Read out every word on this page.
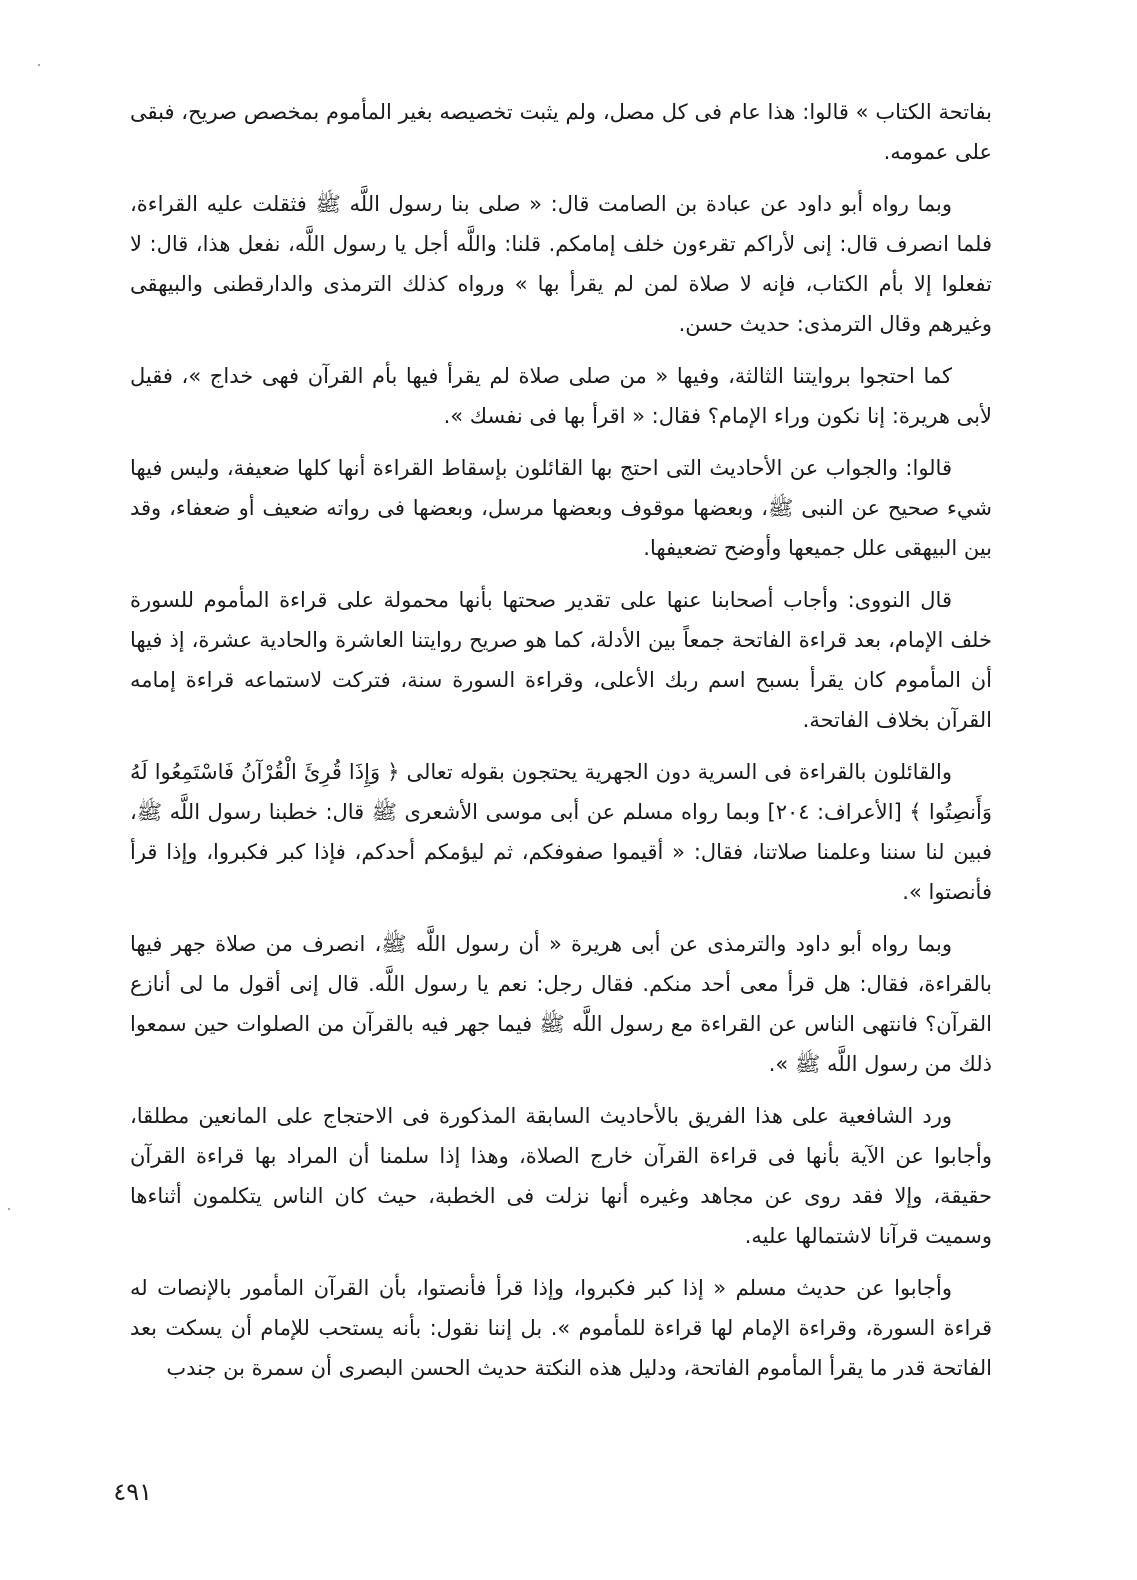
بفاتحة الكتاب » قالوا: هذا عام فى كل مصل، ولم يثبت تخصيصه بغير المأموم بمخصص صريح، فبقى على عمومه.

وبما رواه أبو داود عن عبادة بن الصامت قال: « صلى بنا رسول اللَّه ﷺ فثقلت عليه القراءة، فلما انصرف قال: إنى لأراكم تقرءون خلف إمامكم. قلنا: واللَّه أجل يا رسول اللَّه، نفعل هذا، قال: لا تفعلوا إلا بأم الكتاب، فإنه لا صلاة لمن لم يقرأ بها » ورواه كذلك الترمذى والدارقطنى والبيهقى وغيرهم وقال الترمذى: حديث حسن.

كما احتجوا بروايتنا الثالثة، وفيها « من صلى صلاة لم يقرأ فيها بأم القرآن فهى خداج »، فقيل لأبى هريرة: إنا نكون وراء الإمام؟ فقال: « اقرأ بها فى نفسك ».

قالوا: والجواب عن الأحاديث التى احتج بها القائلون بإسقاط القراءة أنها كلها ضعيفة، وليس فيها شيء صحيح عن النبى ﷺ، وبعضها موقوف وبعضها مرسل، وبعضها فى رواته ضعيف أو ضعفاء، وقد بين البيهقى علل جميعها وأوضح تضعيفها.

قال النووى: وأجاب أصحابنا عنها على تقدير صحتها بأنها محمولة على قراءة المأموم للسورة خلف الإمام، بعد قراءة الفاتحة جمعاً بين الأدلة، كما هو صريح روايتنا العاشرة والحادية عشرة، إذ فيها أن المأموم كان يقرأ بسبح اسم ربك الأعلى، وقراءة السورة سنة، فتركت لاستماعه قراءة إمامه القرآن بخلاف الفاتحة.

والقائلون بالقراءة فى السرية دون الجهرية يحتجون بقوله تعالى ﴿ وَإِذَا قُرِئَ الْقُرْآنُ فَاسْتَمِعُوا لَهُ وَأَنصِتُوا ﴾ [الأعراف: ٢٠٤] وبما رواه مسلم عن أبى موسى الأشعرى ﷺ قال: خطبنا رسول اللَّه ﷺ، فبين لنا سننا وعلمنا صلاتنا، فقال: « أقيموا صفوفكم، ثم ليؤمكم أحدكم، فإذا كبر فكبروا، وإذا قرأ فأنصتوا ».

وبما رواه أبو داود والترمذى عن أبى هريرة « أن رسول اللَّه ﷺ، انصرف من صلاة جهر فيها بالقراءة، فقال: هل قرأ معى أحد منكم. فقال رجل: نعم يا رسول اللَّه. قال إنى أقول ما لى أنازع القرآن؟ فانتهى الناس عن القراءة مع رسول اللَّه ﷺ فيما جهر فيه بالقرآن من الصلوات حين سمعوا ذلك من رسول اللَّه ﷺ ».

ورد الشافعية على هذا الفريق بالأحاديث السابقة المذكورة فى الاحتجاج على المانعين مطلقا، وأجابوا عن الآية بأنها فى قراءة القرآن خارج الصلاة، وهذا إذا سلمنا أن المراد بها قراءة القرآن حقيقة، وإلا فقد روى عن مجاهد وغيره أنها نزلت فى الخطبة، حيث كان الناس يتكلمون أثناءها وسميت قرآنا لاشتمالها عليه.

وأجابوا عن حديث مسلم « إذا كبر فكبروا، وإذا قرأ فأنصتوا، بأن القرآن المأمور بالإنصات له قراءة السورة، وقراءة الإمام لها قراءة للمأموم ». بل إننا نقول: بأنه يستحب للإمام أن يسكت بعد الفاتحة قدر ما يقرأ المأموم الفاتحة، ودليل هذه النكتة حديث الحسن البصرى أن سمرة بن جندب

٤٩١
